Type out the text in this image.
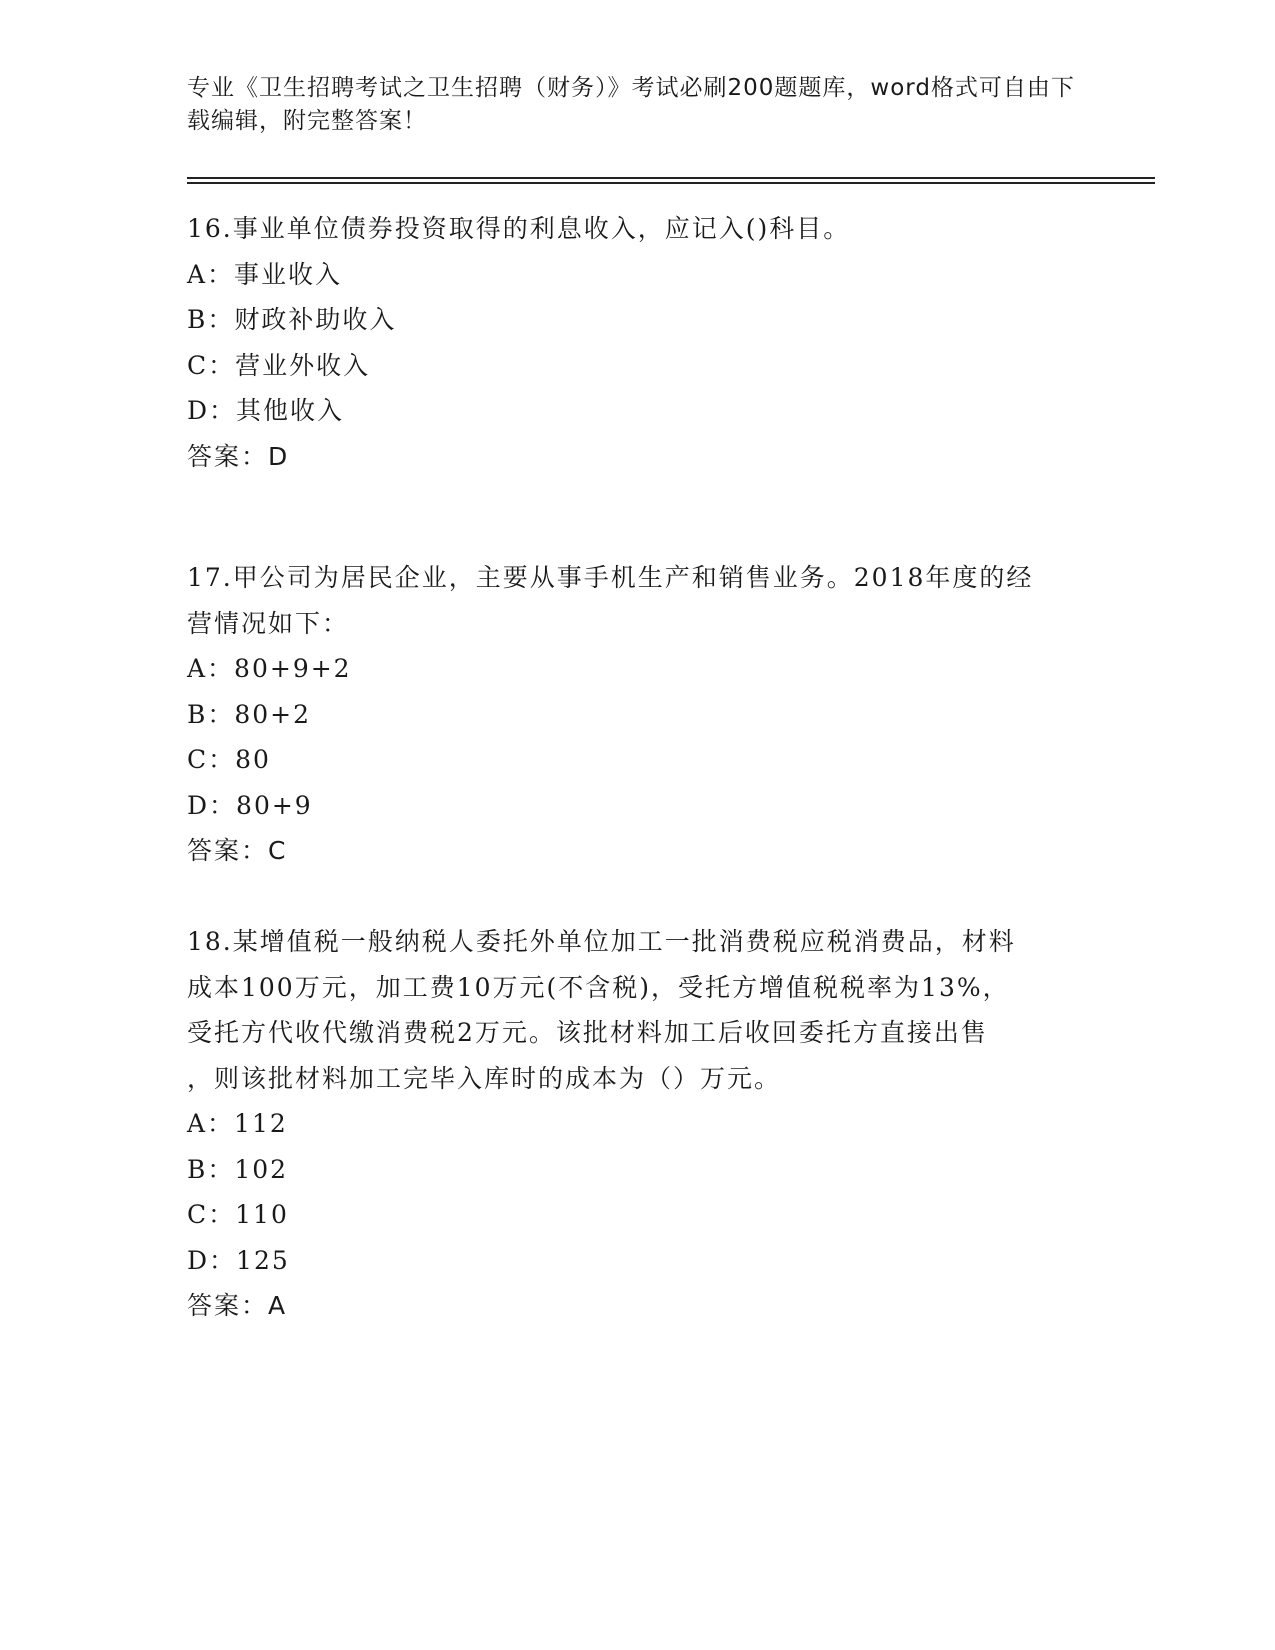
专业《卫生招聘考试之卫生招聘（财务）》考试必刷200题题库，word格式可自由下载编辑，附完整答案！
16.事业单位债券投资取得的利息收入，应记入()科目。
A：事业收入
B：财政补助收入
C：营业外收入
D：其他收入
答案：D
17.甲公司为居民企业，主要从事手机生产和销售业务。2018年度的经
营情况如下：
A：80+9+2
B：80+2
C：80
D：80+9
答案：C
18.某增值税一般纳税人委托外单位加工一批消费税应税消费品，材料
成本100万元，加工费10万元(不含税)，受托方增值税税率为13%，
受托方代收代缴消费税2万元。该批材料加工后收回委托方直接出售
，则该批材料加工完毕入库时的成本为（）万元。
A：112
B：102
C：110
D：125
答案：A
